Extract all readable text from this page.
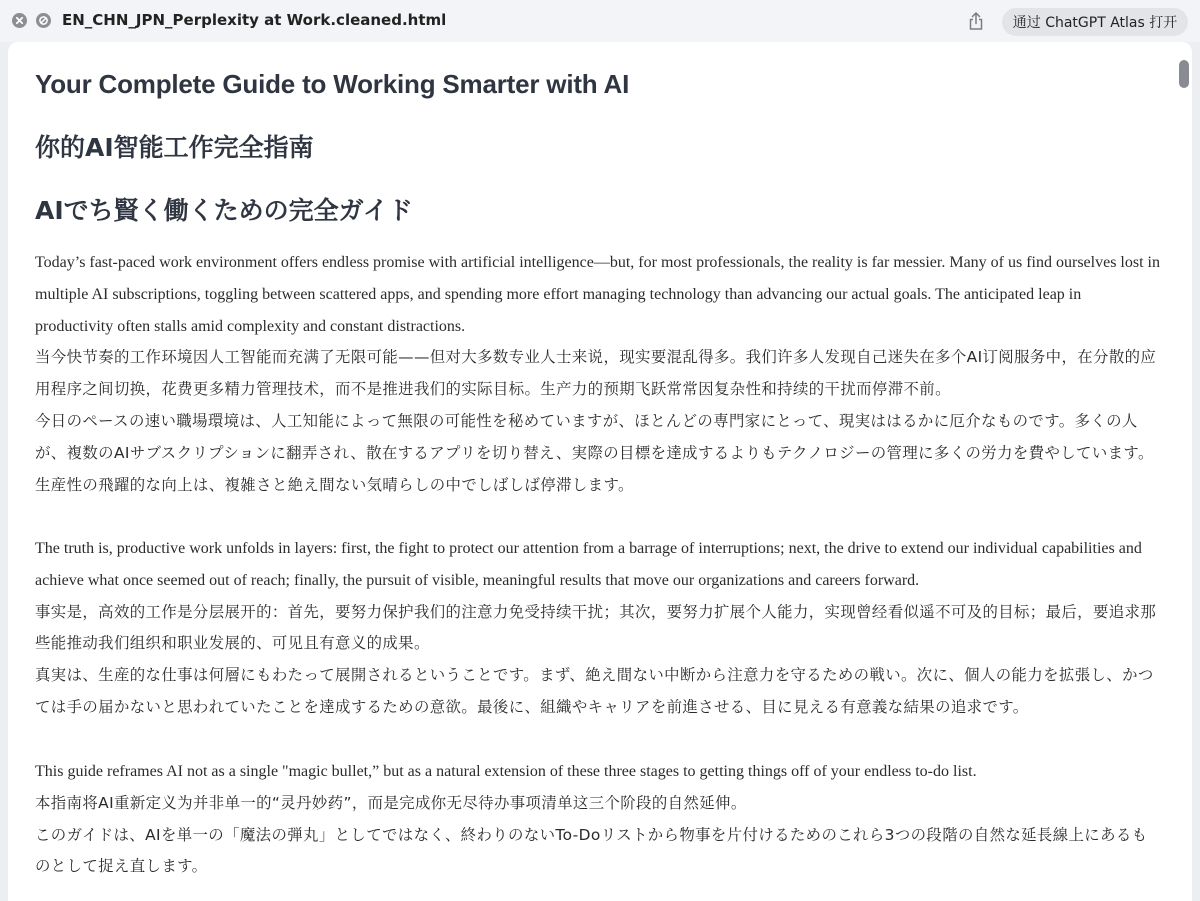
EN_CHN_JPN_Perplexity at Work.cleaned.html	通过 ChatGPT Atlas 打开
Your Complete Guide to Working Smarter with AI
你的AI智能工作完全指南
AIでち賢く働くための完全ガイド

Today’s fast-paced work environment offers endless promise with artificial intelligence—but, for most professionals, the reality is far messier. Many of us find ourselves lost in multiple AI subscriptions, toggling between scattered apps, and spending more effort managing technology than advancing our actual goals. The anticipated leap in productivity often stalls amid complexity and constant distractions.

当今快节奏的工作环境因人工智能而充满了无限可能——但对大多数专业人士来说，现实要混乱得多。我们许多人发现自己迷失在多个AI订阅服务中，在分散的应用程序之间切换，花费更多精力管理技术，而不是推进我们的实际目标。生产力的预期飞跃常常因复杂性和持续的干扰而停滞不前。

今日のペースの速い職場環境は、人工知能によって無限の可能性を秘めていますが、ほとんどの専門家にとって、現実ははるかに厄介なものです。多くの人が、複数のAIサブスクリプションに翻弄され、散在するアプリを切り替え、実際の目標を達成するよりもテクノロジーの管理に多くの労力を費やしています。生産性の飛躍的な向上は、複雑さと絶え間ない気晴らしの中でしばしば停滞します。

The truth is, productive work unfolds in layers: first, the fight to protect our attention from a barrage of interruptions; next, the drive to extend our individual capabilities and achieve what once seemed out of reach; finally, the pursuit of visible, meaningful results that move our organizations and careers forward.

事实是，高效的工作是分层展开的：首先，要努力保护我们的注意力免受持续干扰；其次，要努力扩展个人能力，实现曾经看似遥不可及的目标；最后，要追求那些能推动我们组织和职业发展的、可见且有意义的成果。

真実は、生産的な仕事は何層にもわたって展開されるということです。まず、絶え間ない中断から注意力を守るための戦い。次に、個人の能力を拡張し、かつては手の届かないと思われていたことを達成するための意欲。最後に、組織やキャリアを前進させる、目に見える有意義な結果の追求です。

This guide reframes AI not as a single "magic bullet,” but as a natural extension of these three stages to getting things off of your endless to-do list.

本指南将AI重新定义为并非单一的“灵丹妙药”，而是完成你无尽待办事项清单这三个阶段的自然延伸。

このガイドは、AIを単一の「魔法の弾丸」としてではなく、終わりのないTo-Doリストから物事を片付けるためのこれら3つの段階の自然な延長線上にあるものとして捉え直します。
